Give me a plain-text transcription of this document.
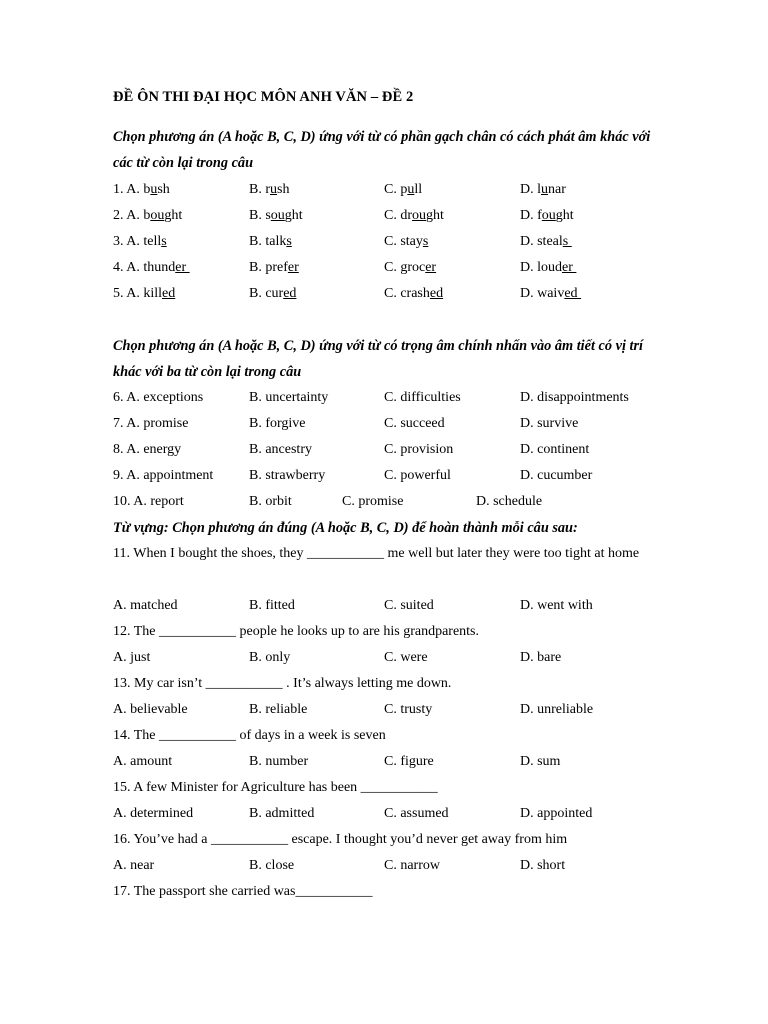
ĐỀ ÔN THI ĐẠI HỌC MÔN ANH VĂN – ĐỀ 2
Chọn phương án (A hoặc B, C, D) ứng với từ có phần gạch chân có cách phát âm khác với các từ còn lại trong câu
1. A. bush	B. rush	C. pull	D. lunar
2. A. bought	B. sought	C. drought	D. fought
3. A. tells	B. talks	C. stays	D. steals
4. A. thunder	B. prefer	C. grocer	D. louder
5. A. killed	B. cured	C. crashed	D. waived
Chọn phương án (A hoặc B, C, D) ứng với từ có trọng âm chính nhấn vào âm tiết có vị trí khác với ba từ còn lại trong câu
6. A. exceptions	B. uncertainty	C. difficulties	D. disappointments
7. A. promise	B. forgive	C. succeed	D. survive
8. A. energy	B. ancestry	C. provision	D. continent
9. A. appointment	B. strawberry	C. powerful	D. cucumber
10. A. report	B. orbit	C. promise	D. schedule
Từ vựng: Chọn phương án đúng (A hoặc B, C, D) để hoàn thành mỗi câu sau:
11. When I bought the shoes, they ___________ me well but later they were too tight at home
A. matched	B. fitted	C. suited	D. went with
12. The ___________ people he looks up to are his grandparents.
A. just	B. only	C. were	D. bare
13. My car isn’t ___________ . It’s always letting me down.
A. believable	B. reliable	C. trusty	D. unreliable
14. The ___________ of days in a week is seven
A. amount	B. number	C. figure	D. sum
15. A few Minister for Agriculture has been ___________
A. determined	B. admitted	C. assumed	D. appointed
16. You’ve had a ___________ escape. I thought you’d never get away from him
A. near	B. close	C. narrow	D. short
17. The passport she carried was___________
